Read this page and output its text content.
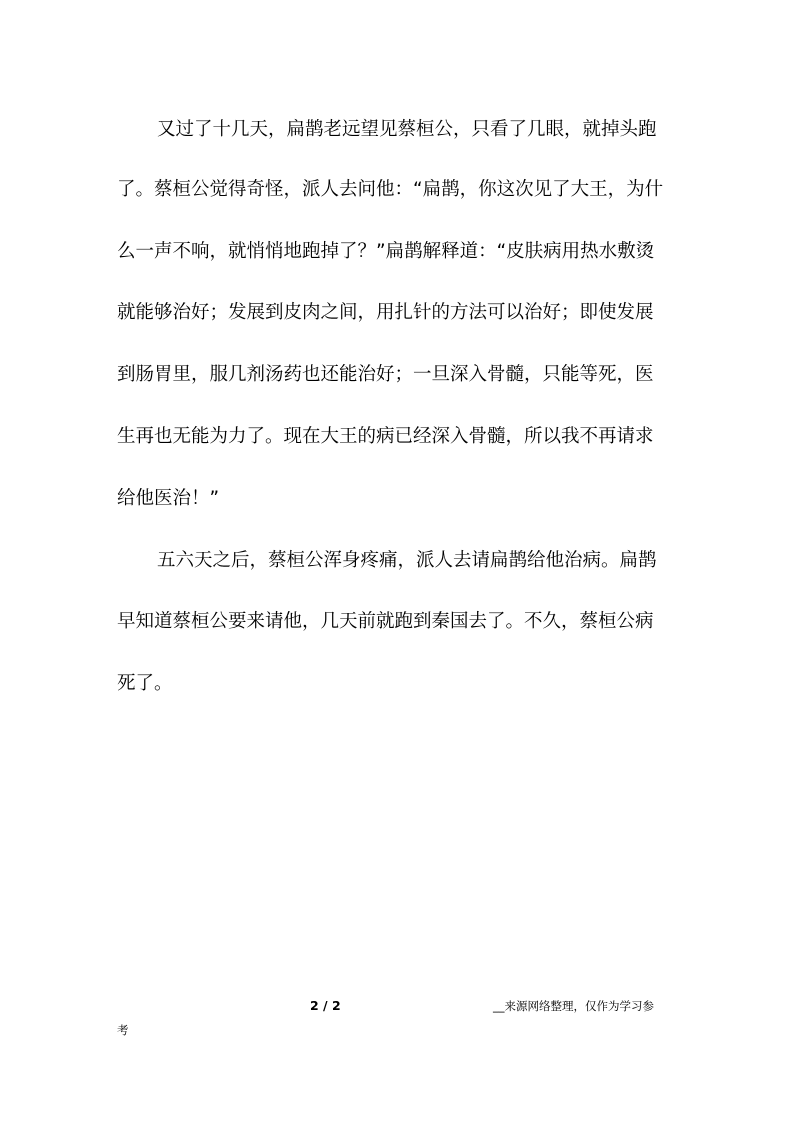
又过了十几天，扁鹊老远望见蔡桓公，只看了几眼，就掉头跑
了。蔡桓公觉得奇怪，派人去问他：“扁鹊，你这次见了大王，为什
么一声不响，就悄悄地跑掉了？”扁鹊解释道：“皮肤病用热水敷烫
就能够治好；发展到皮肉之间，用扎针的方法可以治好；即使发展
到肠胃里，服几剂汤药也还能治好；一旦深入骨髓，只能等死，医
生再也无能为力了。现在大王的病已经深入骨髓，所以我不再请求
给他医治！”
五六天之后，蔡桓公浑身疼痛，派人去请扁鹊给他治病。扁鹊
早知道蔡桓公要来请他，几天前就跑到秦国去了。不久，蔡桓公病
死了。
2 / 2	__来源网络整理，仅作为学习参
考
